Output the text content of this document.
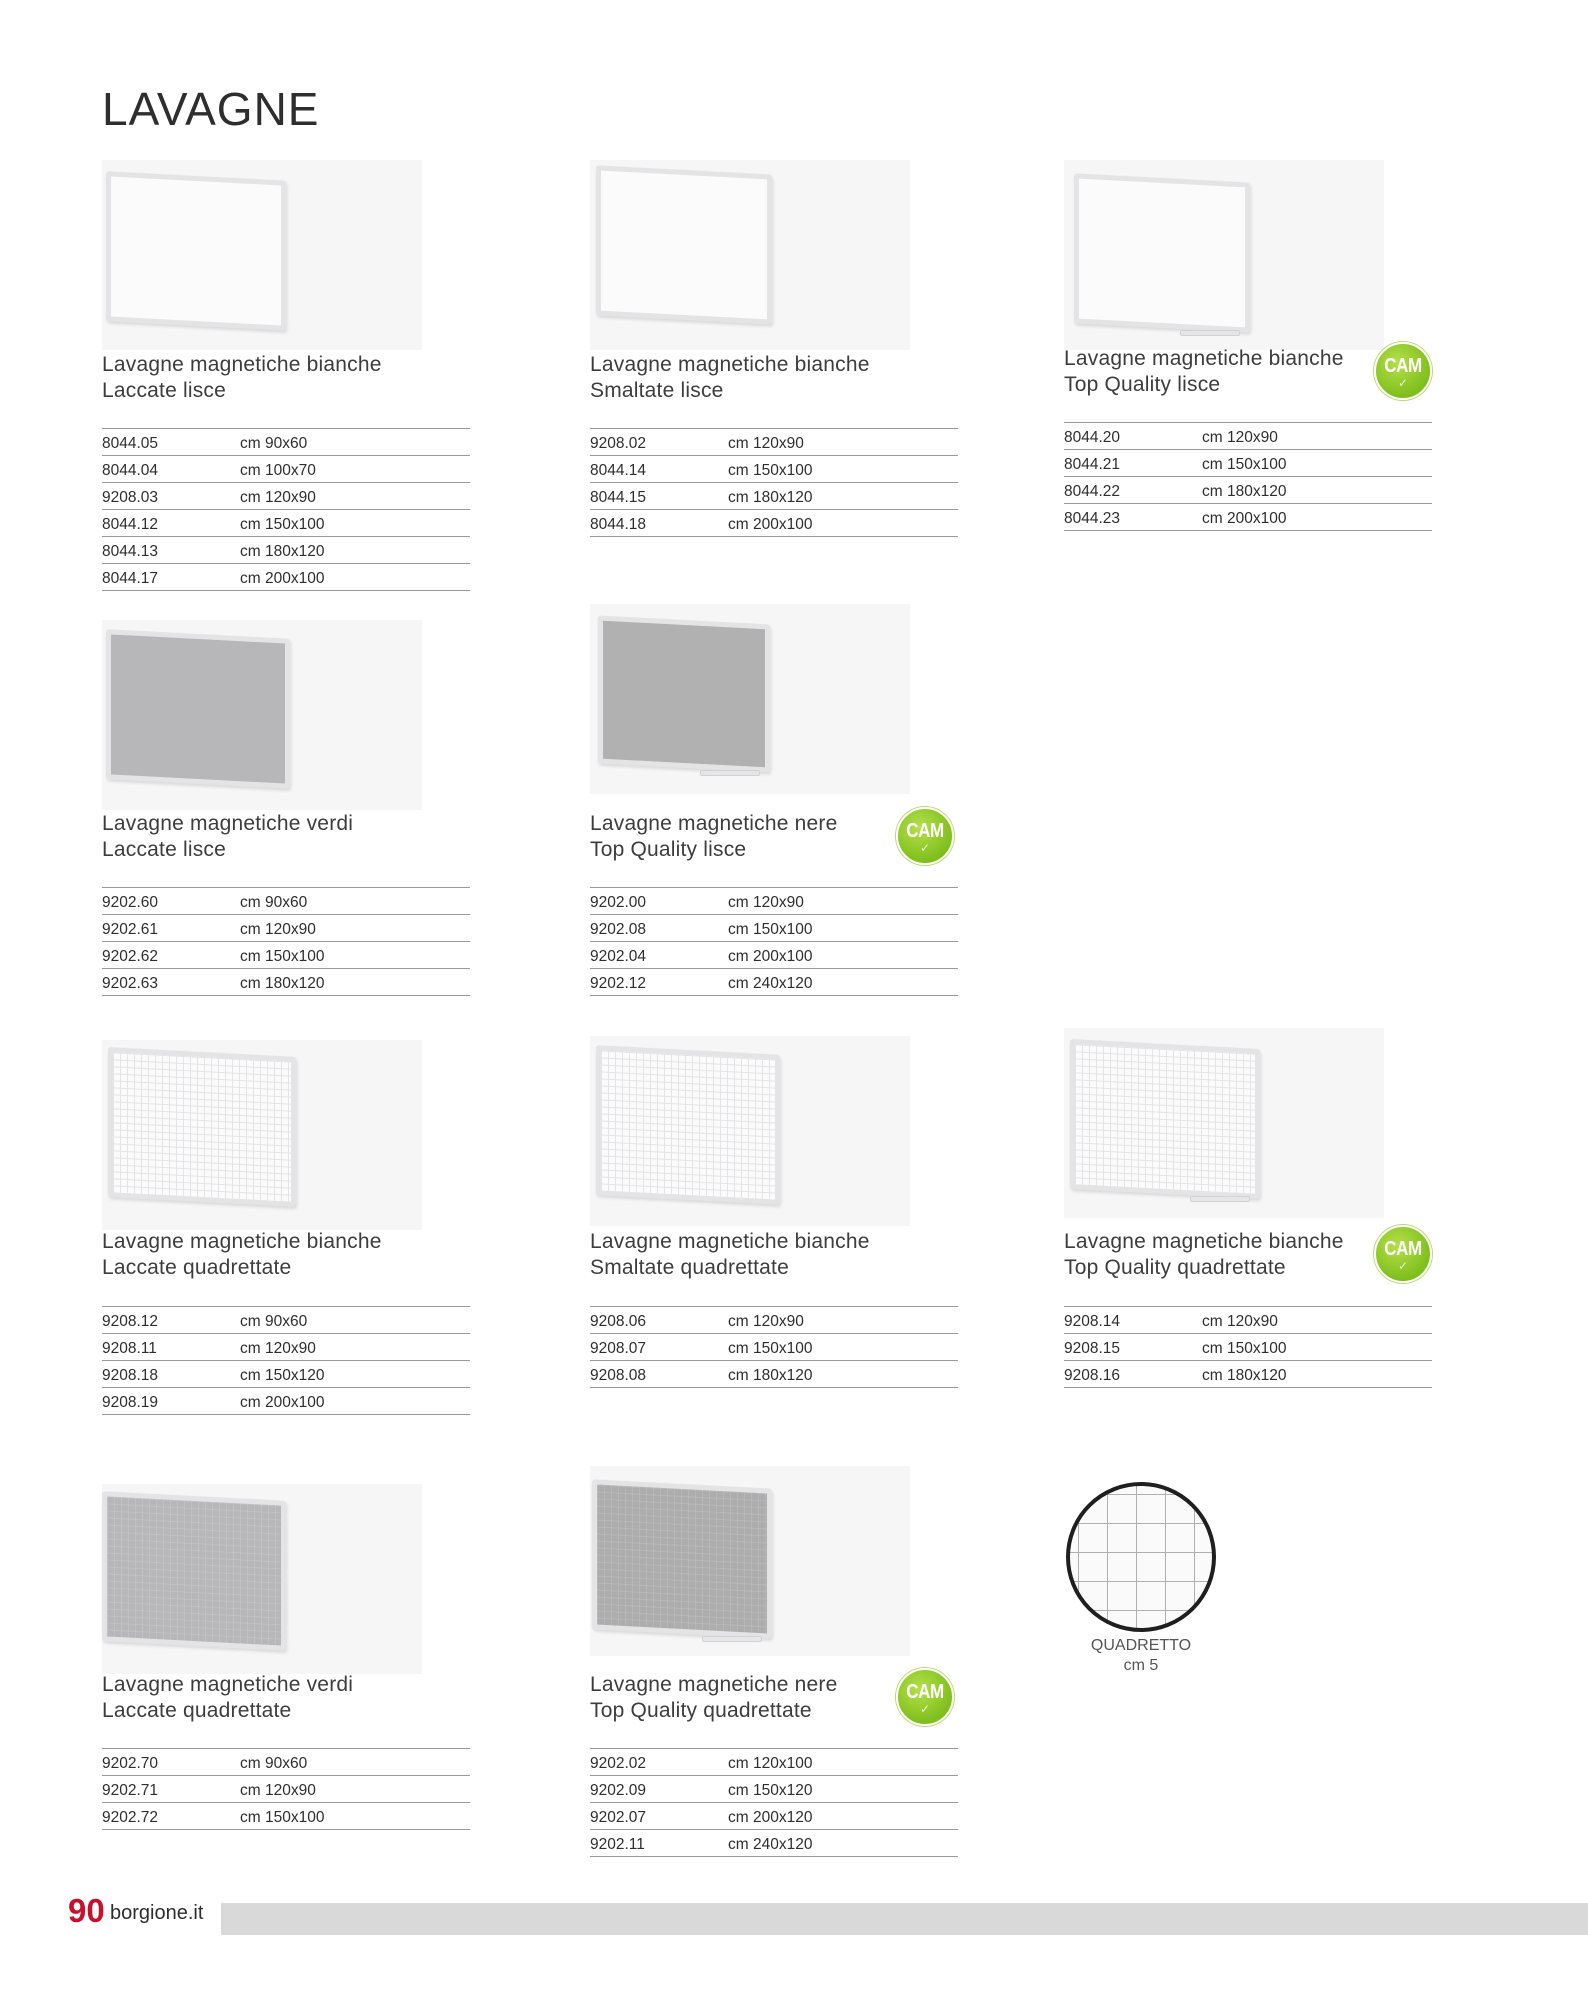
LAVAGNE
Lavagne magnetiche bianche
Laccate lisce
8044.05	cm 90x60
8044.04	cm 100x70
9208.03	cm 120x90
8044.12	cm 150x100
8044.13	cm 180x120
8044.17	cm 200x100
Lavagne magnetiche bianche
Smaltate lisce
9208.02	cm 120x90
8044.14	cm 150x100
8044.15	cm 180x120
8044.18	cm 200x100
Lavagne magnetiche bianche
Top Quality lisce
CAM
✓
8044.20	cm 120x90
8044.21	cm 150x100
8044.22	cm 180x120
8044.23	cm 200x100
Lavagne magnetiche verdi
Laccate lisce
9202.60	cm 90x60
9202.61	cm 120x90
9202.62	cm 150x100
9202.63	cm 180x120
Lavagne magnetiche nere
Top Quality lisce
CAM
✓
9202.00	cm 120x90
9202.08	cm 150x100
9202.04	cm 200x100
9202.12	cm 240x120
Lavagne magnetiche bianche
Laccate quadrettate
9208.12	cm 90x60
9208.11	cm 120x90
9208.18	cm 150x120
9208.19	cm 200x100
Lavagne magnetiche bianche
Smaltate quadrettate
9208.06	cm 120x90
9208.07	cm 150x100
9208.08	cm 180x120
Lavagne magnetiche bianche
Top Quality quadrettate
CAM
✓
9208.14	cm 120x90
9208.15	cm 150x100
9208.16	cm 180x120
Lavagne magnetiche verdi
Laccate quadrettate
9202.70	cm 90x60
9202.71	cm 120x90
9202.72	cm 150x100
Lavagne magnetiche nere
Top Quality quadrettate
CAM
✓
9202.02	cm 120x100
9202.09	cm 150x120
9202.07	cm 200x120
9202.11	cm 240x120
QUADRETTO
cm 5
90 borgione.it
